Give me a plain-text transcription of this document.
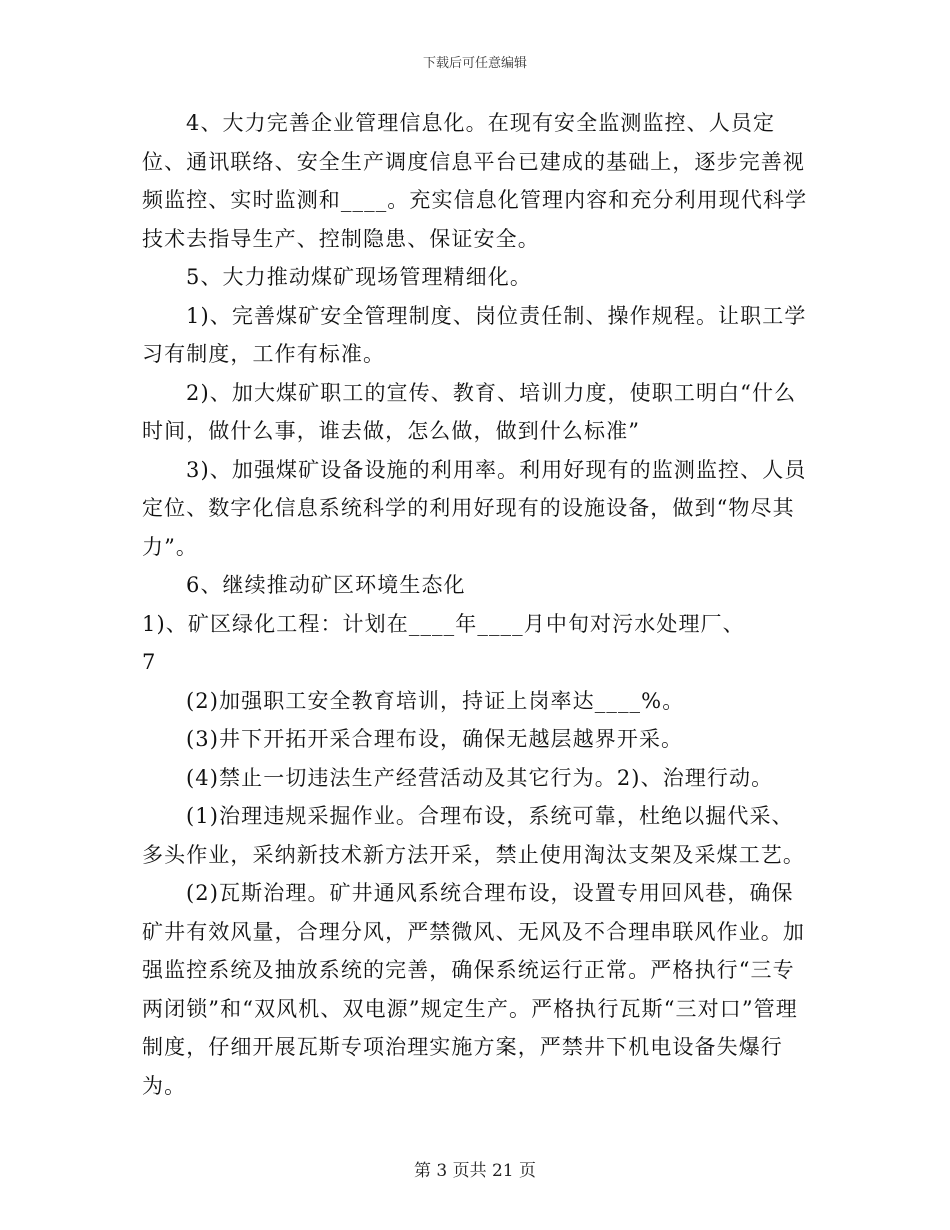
下载后可任意编辑

4、大力完善企业管理信息化。在现有安全监测监控、人员定位、通讯联络、安全生产调度信息平台已建成的基础上，逐步完善视频监控、实时监测和____。充实信息化管理内容和充分利用现代科学技术去指导生产、控制隐患、保证安全。

5、大力推动煤矿现场管理精细化。

1)、完善煤矿安全管理制度、岗位责任制、操作规程。让职工学习有制度，工作有标准。

2)、加大煤矿职工的宣传、教育、培训力度，使职工明白“什么时间，做什么事，谁去做，怎么做，做到什么标准”

3)、加强煤矿设备设施的利用率。利用好现有的监测监控、人员定位、数字化信息系统科学的利用好现有的设施设备，做到“物尽其力”。

6、继续推动矿区环境生态化

1)、矿区绿化工程：计划在____年____月中旬对污水处理厂、

7

(2)加强职工安全教育培训，持证上岗率达____%。

(3)井下开拓开采合理布设，确保无越层越界开采。

(4)禁止一切违法生产经营活动及其它行为。2)、治理行动。

(1)治理违规采掘作业。合理布设，系统可靠，杜绝以掘代采、多头作业，采纳新技术新方法开采，禁止使用淘汰支架及采煤工艺。

(2)瓦斯治理。矿井通风系统合理布设，设置专用回风巷，确保矿井有效风量，合理分风，严禁微风、无风及不合理串联风作业。加强监控系统及抽放系统的完善，确保系统运行正常。严格执行“三专两闭锁”和“双风机、双电源”规定生产。严格执行瓦斯“三对口”管理制度，仔细开展瓦斯专项治理实施方案，严禁井下机电设备失爆行为。

第 3 页共 21 页
